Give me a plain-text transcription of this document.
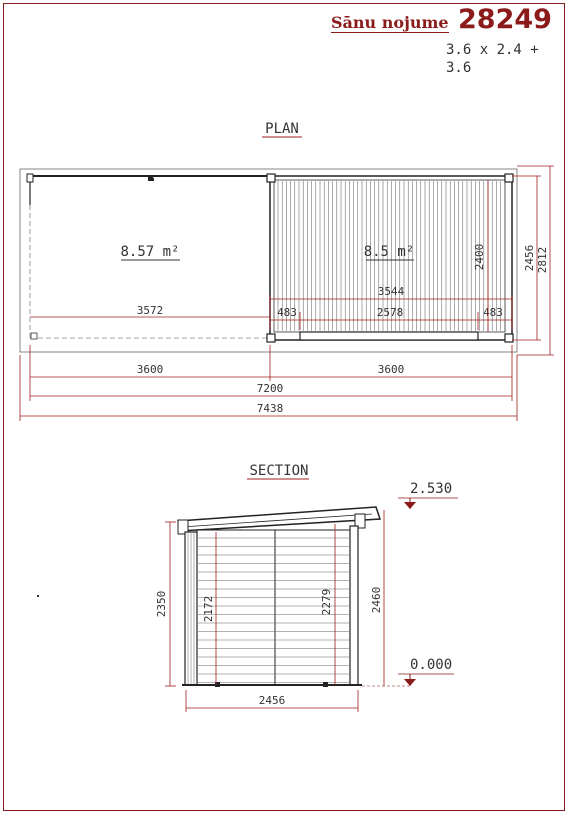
Sānu nojume 28249
3.6 x 2.4 + 3.6
PLAN
8.57 m²	8.5 m²
3572
3544
483	2578	483
3600	3600
7200
7438
2400	2456 2812
SECTION
2350	2172	2279	2460
2456
2.530
0.000
